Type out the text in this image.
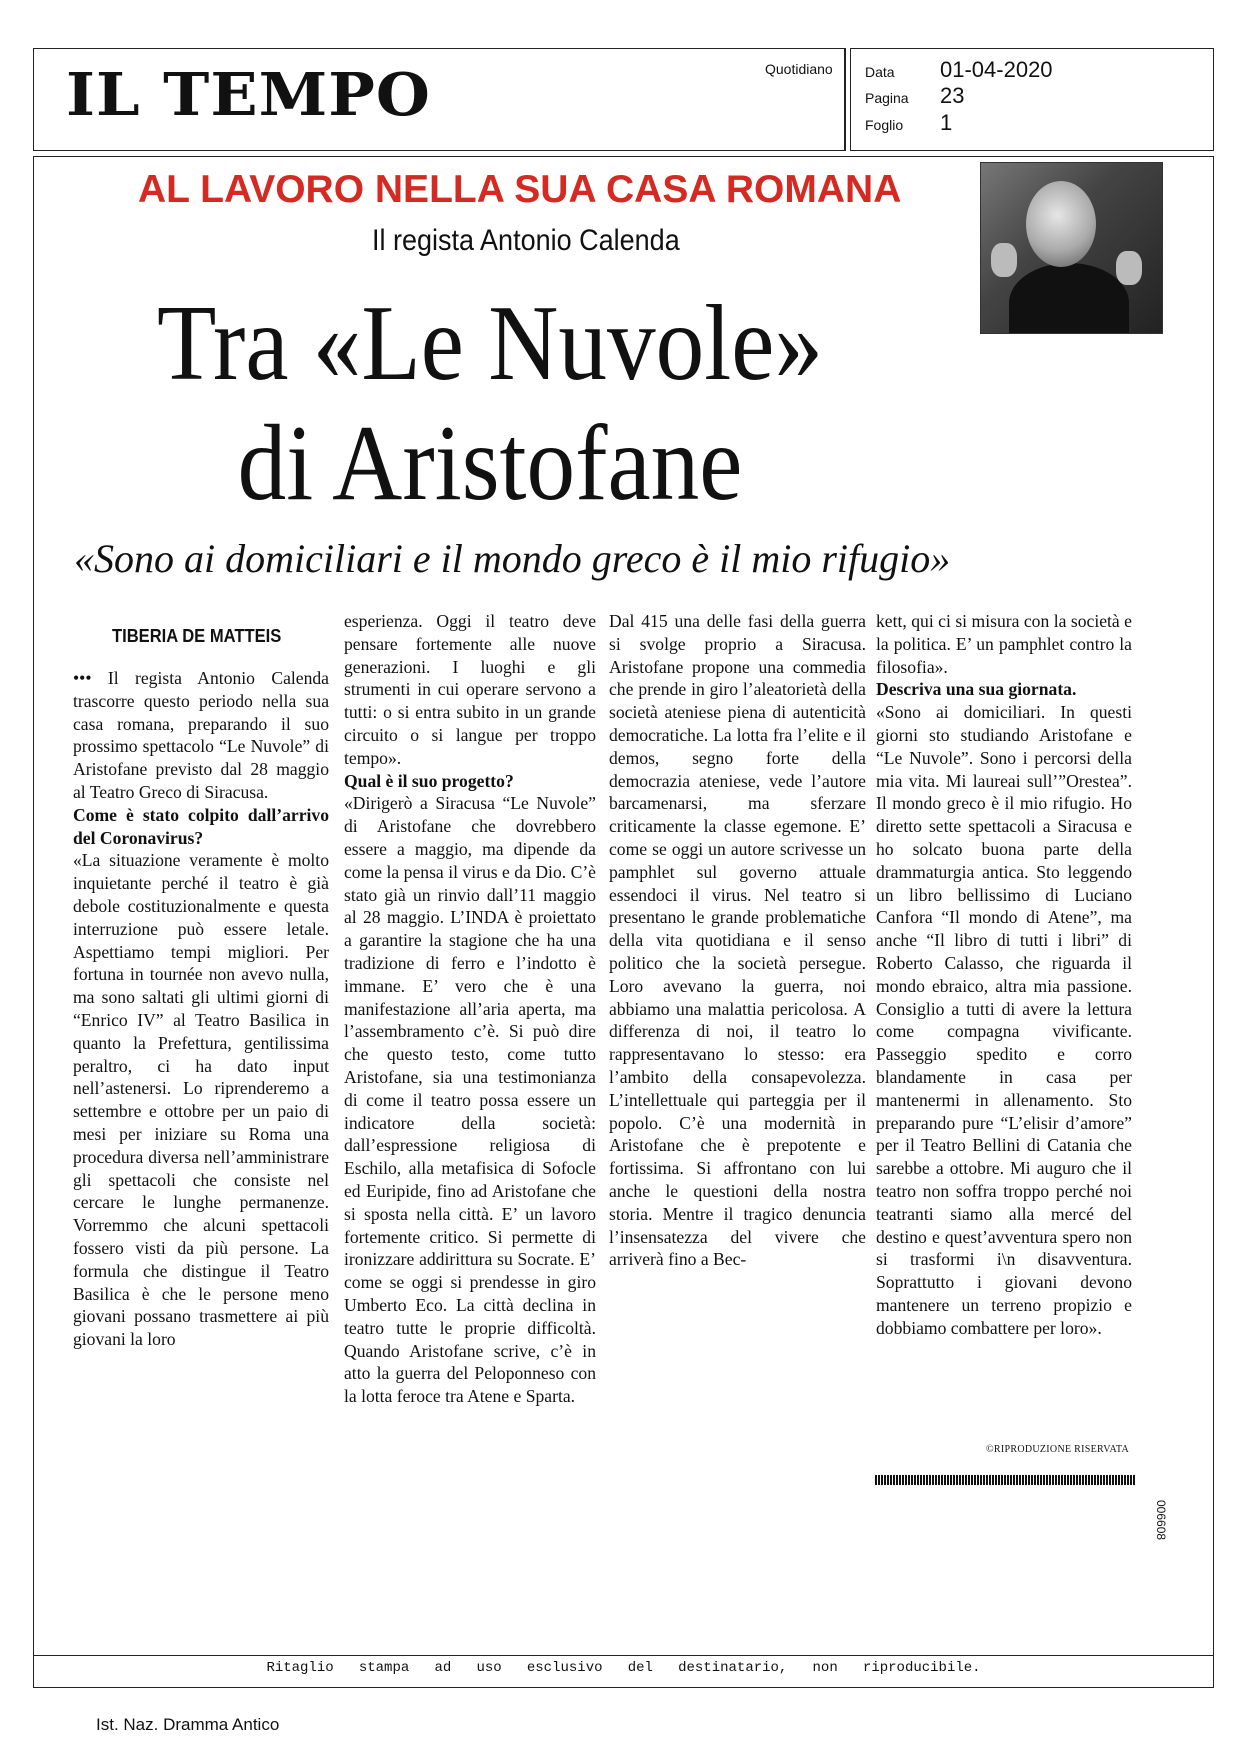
IL TEMPO	Quotidiano Data 01-04-2020
Pagina 23
Foglio 1
AL LAVORO NELLA SUA CASA ROMANA
Il regista Antonio Calenda
Tra «Le Nuvole»
di Aristofane
«Sono ai domiciliari e il mondo greco è il mio rifugio»
TIBERIA DE MATTEIS

••• Il regista Antonio Calenda trascorre questo periodo nella sua casa romana, preparando il suo prossimo spettacolo “Le Nuvole” di Aristofane previsto dal 28 maggio al Teatro Greco di Siracusa.

Come è stato colpito dall’arrivo del Coronavirus?

«La situazione veramente è molto inquietante perché il teatro è già debole costituzionalmente e questa interruzione può essere letale. Aspettiamo tempi migliori. Per fortuna in tournée non avevo nulla, ma sono saltati gli ultimi giorni di “Enrico IV” al Teatro Basilica in quanto la Prefettura, gentilissima peraltro, ci ha dato input nell’astenersi. Lo riprenderemo a settembre e ottobre per un paio di mesi per iniziare su Roma una procedura diversa nell’amministrare gli spettacoli che consiste nel cercare le lunghe permanenze. Vorremmo che alcuni spettacoli fossero visti da più persone. La formula che distingue il Teatro Basilica è che le persone meno giovani possano trasmettere ai più giovani la loro

esperienza. Oggi il teatro deve pensare fortemente alle nuove generazioni. I luoghi e gli strumenti in cui operare servono a tutti: o si entra subito in un grande circuito o si langue per troppo tempo».

Qual è il suo progetto?

«Dirigerò a Siracusa “Le Nuvole” di Aristofane che dovrebbero essere a maggio, ma dipende da come la pensa il virus e da Dio. C’è stato già un rinvio dall’11 maggio al 28 maggio. L’INDA è proiettato a garantire la stagione che ha una tradizione di ferro e l’indotto è immane. E’ vero che è una manifestazione all’aria aperta, ma l’assembramento c’è. Si può dire che questo testo, come tutto Aristofane, sia una testimonianza di come il teatro possa essere un indicatore della società: dall’espressione religiosa di Eschilo, alla metafisica di Sofocle ed Euripide, fino ad Aristofane che si sposta nella città. E’ un lavoro fortemente critico. Si permette di ironizzare addirittura su Socrate. E’ come se oggi si prendesse in giro Umberto Eco. La città declina in teatro tutte le proprie difficoltà. Quando Aristofane scrive, c’è in atto la guerra del Peloponneso con la lotta feroce tra Atene e Sparta.

Dal 415 una delle fasi della guerra si svolge proprio a Siracusa. Aristofane propone una commedia che prende in giro l’aleatorietà della società ateniese piena di autenticità democratiche. La lotta fra l’elite e il demos, segno forte della democrazia ateniese, vede l’autore barcamenarsi, ma sferzare criticamente la classe egemone. E’ come se oggi un autore scrivesse un pamphlet sul governo attuale essendoci il virus. Nel teatro si presentano le grande problematiche della vita quotidiana e il senso politico che la società persegue. Loro avevano la guerra, noi abbiamo una malattia pericolosa. A differenza di noi, il teatro lo rappresentavano lo stesso: era l’ambito della consapevolezza. L’intellettuale qui parteggia per il popolo. C’è una modernità in Aristofane che è prepotente e fortissima. Si affrontano con lui anche le questioni della nostra storia. Mentre il tragico denuncia l’insensatezza del vivere che arriverà fino a Bec-

kett, qui ci si misura con la società e la politica. E’ un pamphlet contro la filosofia».

Descriva una sua giornata.

«Sono ai domiciliari. In questi giorni sto studiando Aristofane e “Le Nuvole”. Sono i percorsi della mia vita. Mi laureai sull’”Orestea”. Il mondo greco è il mio rifugio. Ho diretto sette spettacoli a Siracusa e ho solcato buona parte della drammaturgia antica. Sto leggendo un libro bellissimo di Luciano Canfora “Il mondo di Atene”, ma anche “Il libro di tutti i libri” di Roberto Calasso, che riguarda il mondo ebraico, altra mia passione. Consiglio a tutti di avere la lettura come compagna vivificante. Passeggio spedito e corro blandamente in casa per mantenermi in allenamento. Sto preparando pure “L’elisir d’amore” per il Teatro Bellini di Catania che sarebbe a ottobre. Mi auguro che il teatro non soffra troppo perché noi teatranti siamo alla mercé del destino e quest’avventura spero non si trasformi i\n disavventura. Soprattutto i giovani devono mantenere un terreno propizio e dobbiamo combattere per loro».

©RIPRODUZIONE RISERVATA
006608
Ritaglio   stampa   ad   uso   esclusivo   del   destinatario,   non   riproducibile.
Ist. Naz. Dramma Antico
